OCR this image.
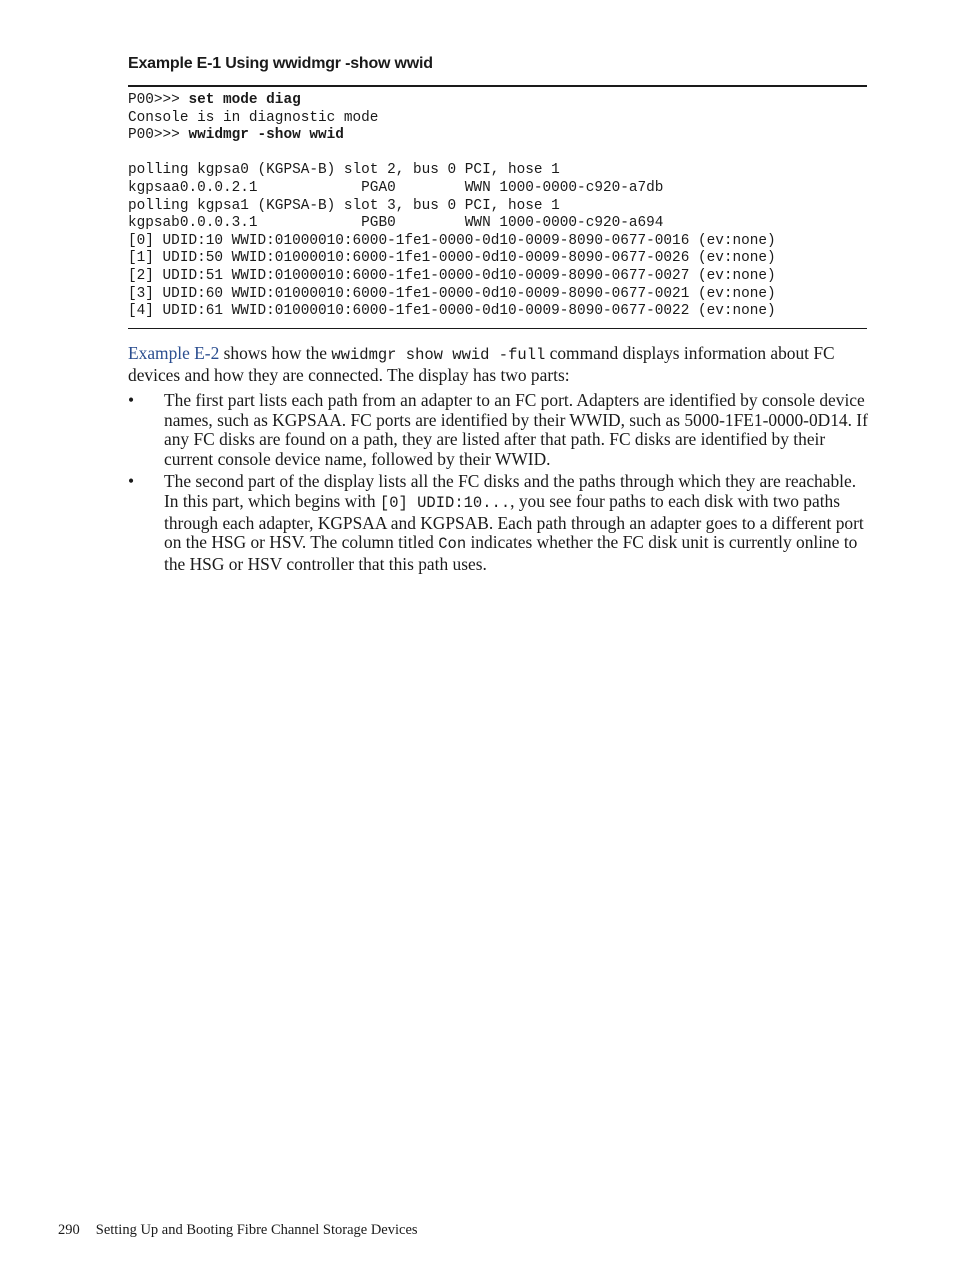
Example E-1 Using wwidmgr -show wwid
P00>>> set mode diag
Console is in diagnostic mode
P00>>> wwidmgr -show wwid

polling kgpsa0 (KGPSA-B) slot 2, bus 0 PCI, hose 1
kgpsaa0.0.0.2.1            PGA0        WWN 1000-0000-c920-a7db
polling kgpsa1 (KGPSA-B) slot 3, bus 0 PCI, hose 1
kgpsab0.0.0.3.1            PGB0        WWN 1000-0000-c920-a694
[0] UDID:10 WWID:01000010:6000-1fe1-0000-0d10-0009-8090-0677-0016 (ev:none)
[1] UDID:50 WWID:01000010:6000-1fe1-0000-0d10-0009-8090-0677-0026 (ev:none)
[2] UDID:51 WWID:01000010:6000-1fe1-0000-0d10-0009-8090-0677-0027 (ev:none)
[3] UDID:60 WWID:01000010:6000-1fe1-0000-0d10-0009-8090-0677-0021 (ev:none)
[4] UDID:61 WWID:01000010:6000-1fe1-0000-0d10-0009-8090-0677-0022 (ev:none)

Example E-2 shows how the wwidmgr show wwid -full command displays information about FC devices and how they are connected. The display has two parts:

• The first part lists each path from an adapter to an FC port. Adapters are identified by console device names, such as KGPSAA. FC ports are identified by their WWID, such as 5000-1FE1-0000-0D14. If any FC disks are found on a path, they are listed after that path. FC disks are identified by their current console device name, followed by their WWID.
• The second part of the display lists all the FC disks and the paths through which they are reachable. In this part, which begins with [0] UDID:10..., you see four paths to each disk with two paths through each adapter, KGPSAA and KGPSAB. Each path through an adapter goes to a different port on the HSG or HSV. The column titled Con indicates whether the FC disk unit is currently online to the HSG or HSV controller that this path uses.
290 Setting Up and Booting Fibre Channel Storage Devices
